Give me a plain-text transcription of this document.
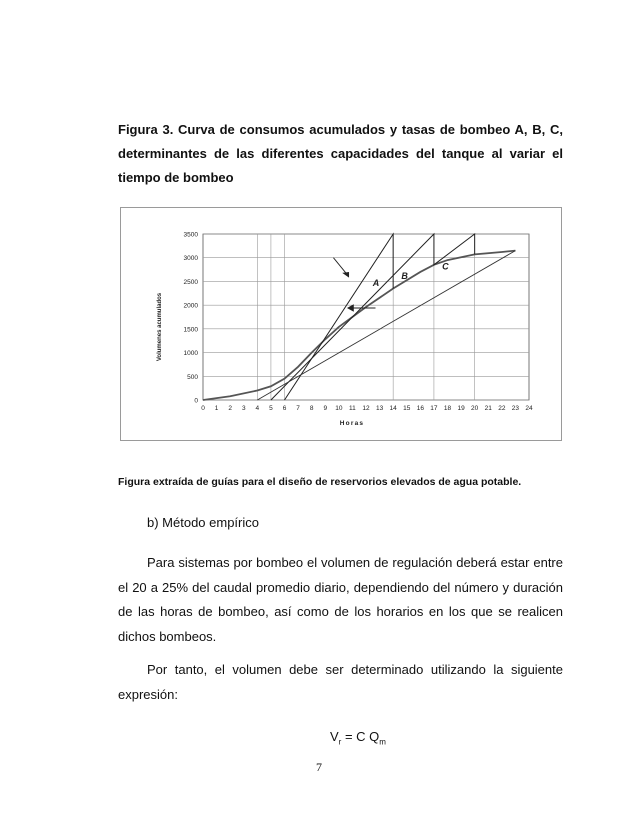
Figura 3. Curva de consumos acumulados y tasas de bombeo A, B, C, determinantes de las diferentes capacidades del tanque al variar el tiempo de bombeo
0
500
1000
1500
2000
2500
3000
3500
0 1 2 3 4 5 6 7 8 9 10 11 12 13 14 15 16 17 18 19 20 21 22 23 24
Horas
Volumenes acumulados
A
B
C
Figura extraída de guías para el diseño de reservorios elevados de agua potable.
b) Método empírico
Para sistemas por bombeo el volumen de regulación deberá estar entre el 20 a 25% del caudal promedio diario, dependiendo del número y duración de las horas de bombeo, así como de los horarios en los que se realicen dichos bombeos.
Por tanto, el volumen debe ser determinado utilizando la siguiente expresión:
$V_r = C$ $Q_m$
7
